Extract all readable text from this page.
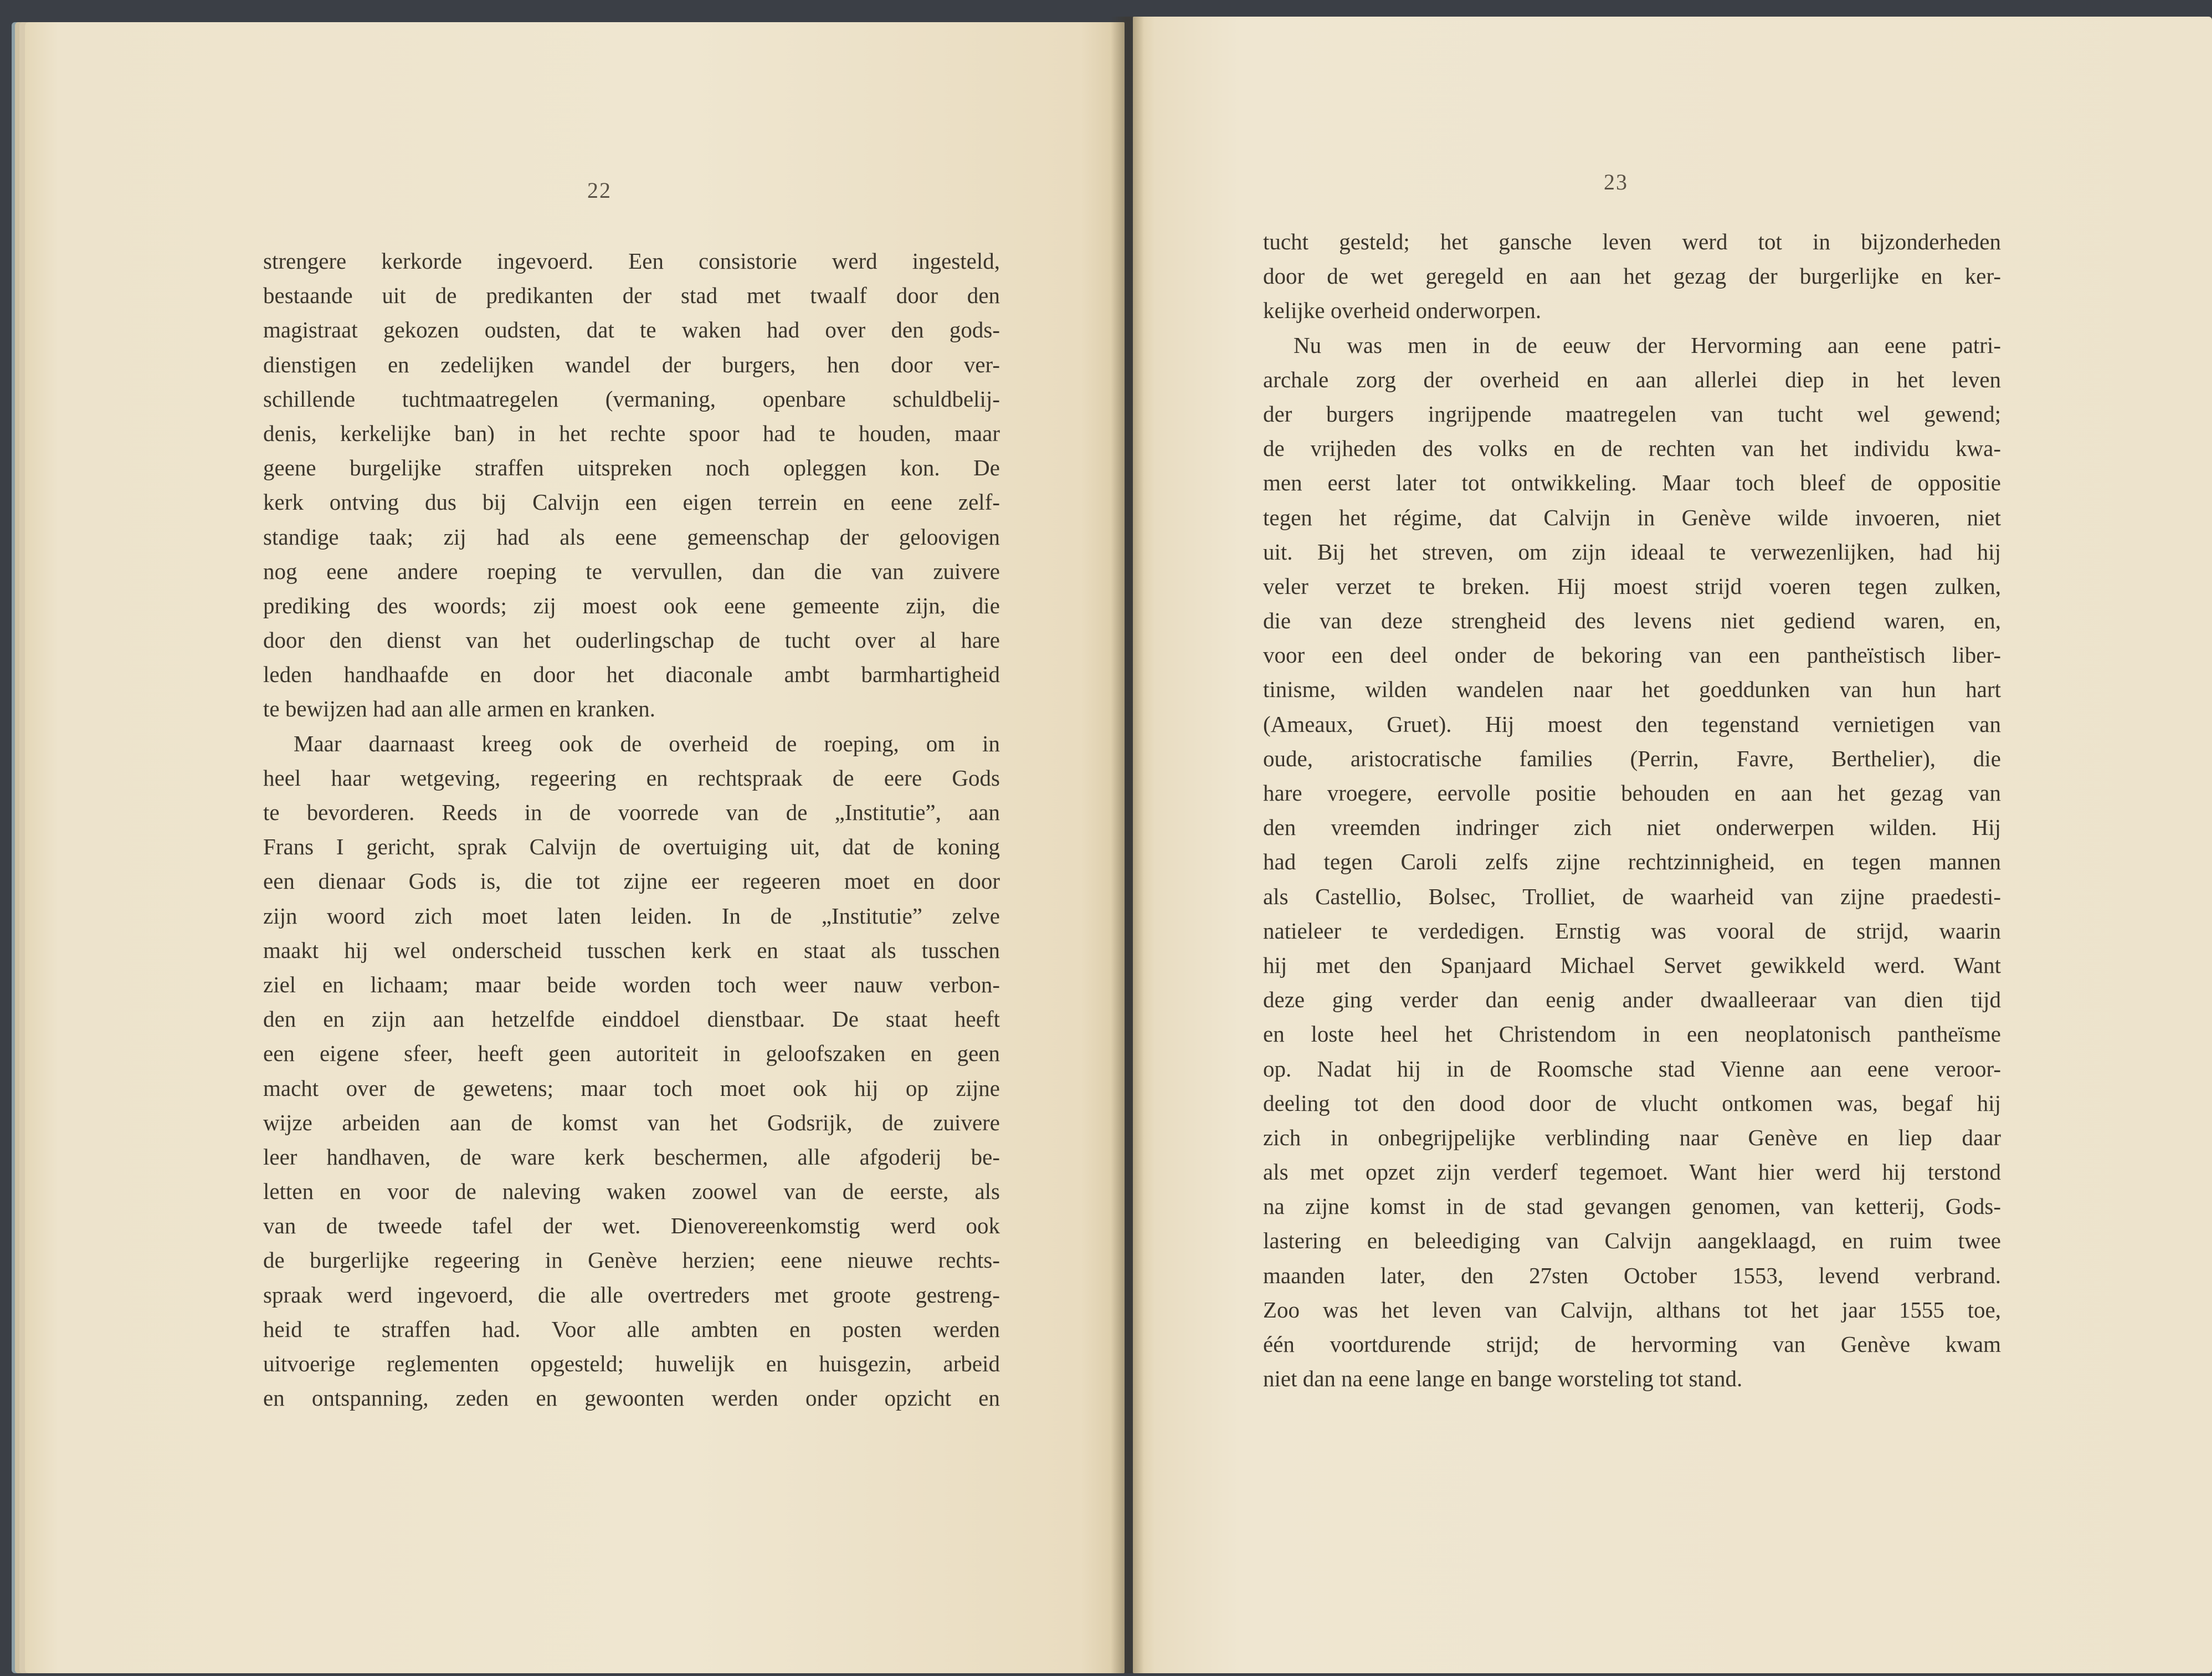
22
strengere kerkorde ingevoerd. Een consistorie werd ingesteld,
bestaande uit de predikanten der stad met twaalf door den
magistraat gekozen oudsten, dat te waken had over den gods-
dienstigen en zedelijken wandel der burgers, hen door ver-
schillende tuchtmaatregelen (vermaning, openbare schuldbelij-
denis, kerkelijke ban) in het rechte spoor had te houden, maar
geene burgelijke straffen uitspreken noch opleggen kon. De
kerk ontving dus bij Calvijn een eigen terrein en eene zelf-
standige taak; zij had als eene gemeenschap der geloovigen
nog eene andere roeping te vervullen, dan die van zuivere
prediking des woords; zij moest ook eene gemeente zijn, die
door den dienst van het ouderlingschap de tucht over al hare
leden handhaafde en door het diaconale ambt barmhartigheid
te bewijzen had aan alle armen en kranken.
Maar daarnaast kreeg ook de overheid de roeping, om in
heel haar wetgeving, regeering en rechtspraak de eere Gods
te bevorderen. Reeds in de voorrede van de „Institutie”, aan
Frans I gericht, sprak Calvijn de overtuiging uit, dat de koning
een dienaar Gods is, die tot zijne eer regeeren moet en door
zijn woord zich moet laten leiden. In de „Institutie” zelve
maakt hij wel onderscheid tusschen kerk en staat als tusschen
ziel en lichaam; maar beide worden toch weer nauw verbon-
den en zijn aan hetzelfde einddoel dienstbaar. De staat heeft
een eigene sfeer, heeft geen autoriteit in geloofszaken en geen
macht over de gewetens; maar toch moet ook hij op zijne
wijze arbeiden aan de komst van het Godsrijk, de zuivere
leer handhaven, de ware kerk beschermen, alle afgoderij be-
letten en voor de naleving waken zoowel van de eerste, als
van de tweede tafel der wet. Dienovereenkomstig werd ook
de burgerlijke regeering in Genève herzien; eene nieuwe rechts-
spraak werd ingevoerd, die alle overtreders met groote gestreng-
heid te straffen had. Voor alle ambten en posten werden
uitvoerige reglementen opgesteld; huwelijk en huisgezin, arbeid
en ontspanning, zeden en gewoonten werden onder opzicht en
23
tucht gesteld; het gansche leven werd tot in bijzonderheden
door de wet geregeld en aan het gezag der burgerlijke en ker-
kelijke overheid onderworpen.
Nu was men in de eeuw der Hervorming aan eene patri-
archale zorg der overheid en aan allerlei diep in het leven
der burgers ingrijpende maatregelen van tucht wel gewend;
de vrijheden des volks en de rechten van het individu kwa-
men eerst later tot ontwikkeling. Maar toch bleef de oppositie
tegen het régime, dat Calvijn in Genève wilde invoeren, niet
uit. Bij het streven, om zijn ideaal te verwezenlijken, had hij
veler verzet te breken. Hij moest strijd voeren tegen zulken,
die van deze strengheid des levens niet gediend waren, en,
voor een deel onder de bekoring van een pantheïstisch liber-
tinisme, wilden wandelen naar het goeddunken van hun hart
(Ameaux, Gruet). Hij moest den tegenstand vernietigen van
oude, aristocratische families (Perrin, Favre, Berthelier), die
hare vroegere, eervolle positie behouden en aan het gezag van
den vreemden indringer zich niet onderwerpen wilden. Hij
had tegen Caroli zelfs zijne rechtzinnigheid, en tegen mannen
als Castellio, Bolsec, Trolliet, de waarheid van zijne praedesti-
natieleer te verdedigen. Ernstig was vooral de strijd, waarin
hij met den Spanjaard Michael Servet gewikkeld werd. Want
deze ging verder dan eenig ander dwaalleeraar van dien tijd
en loste heel het Christendom in een neoplatonisch pantheïsme
op. Nadat hij in de Roomsche stad Vienne aan eene veroor-
deeling tot den dood door de vlucht ontkomen was, begaf hij
zich in onbegrijpelijke verblinding naar Genève en liep daar
als met opzet zijn verderf tegemoet. Want hier werd hij terstond
na zijne komst in de stad gevangen genomen, van ketterij, Gods-
lastering en beleediging van Calvijn aangeklaagd, en ruim twee
maanden later, den 27sten October 1553, levend verbrand.
Zoo was het leven van Calvijn, althans tot het jaar 1555 toe,
één voortdurende strijd; de hervorming van Genève kwam
niet dan na eene lange en bange worsteling tot stand.
